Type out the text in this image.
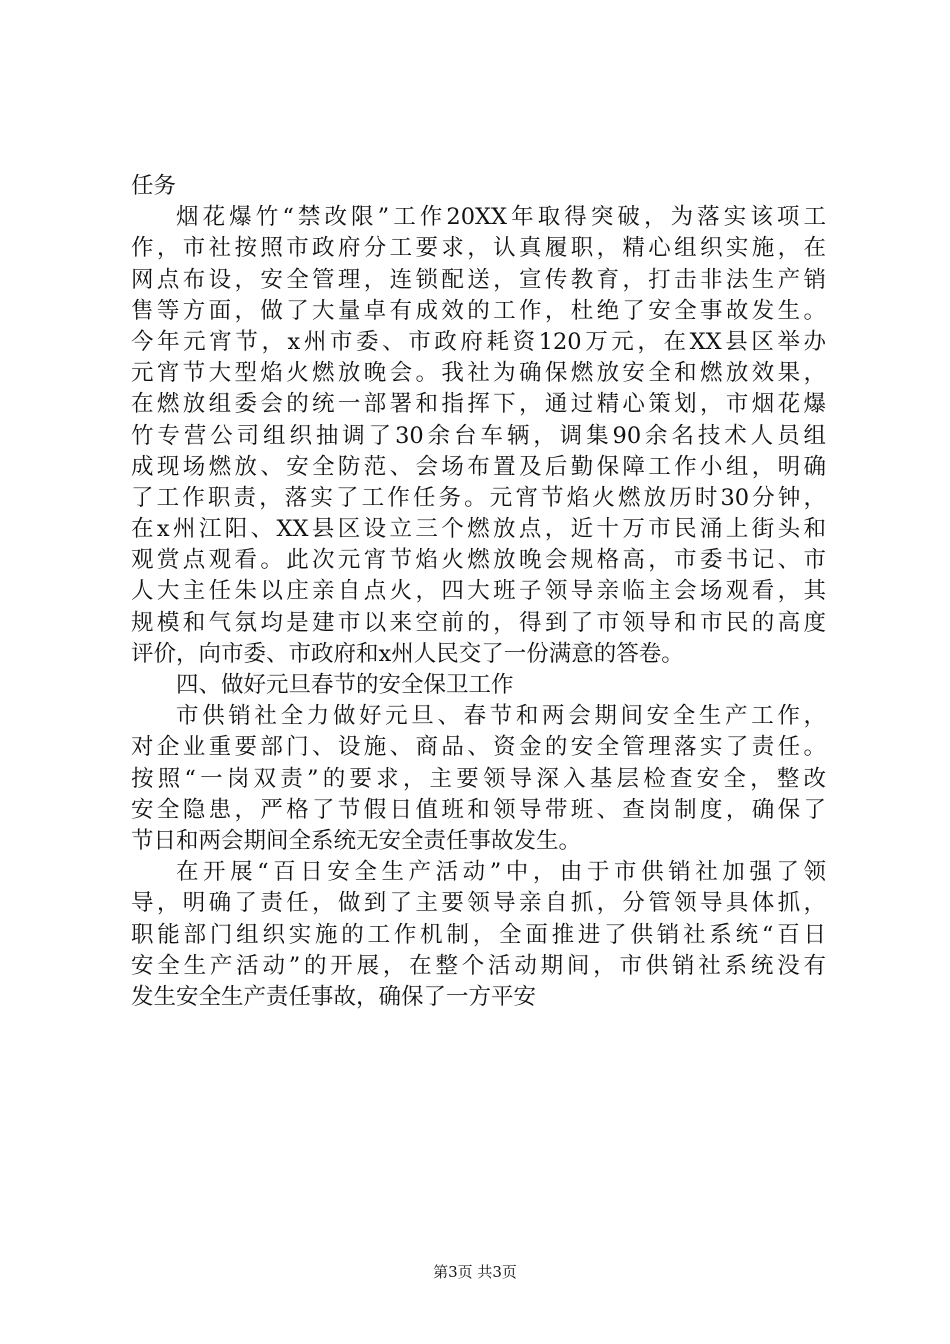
任务

烟花爆竹“禁改限”工作20XX年取得突破，为落实该项工

作，市社按照市政府分工要求，认真履职，精心组织实施，在

网点布设，安全管理，连锁配送，宣传教育，打击非法生产销

售等方面，做了大量卓有成效的工作，杜绝了安全事故发生。

今年元宵节，x州市委、市政府耗资120万元，在XX县区举办

元宵节大型焰火燃放晚会。我社为确保燃放安全和燃放效果，

在燃放组委会的统一部署和指挥下，通过精心策划，市烟花爆

竹专营公司组织抽调了30余台车辆，调集90余名技术人员组

成现场燃放、安全防范、会场布置及后勤保障工作小组，明确

了工作职责，落实了工作任务。元宵节焰火燃放历时30分钟，

在x州江阳、XX县区设立三个燃放点，近十万市民涌上街头和

观赏点观看。此次元宵节焰火燃放晚会规格高，市委书记、市

人大主任朱以庄亲自点火，四大班子领导亲临主会场观看，其

规模和气氛均是建市以来空前的，得到了市领导和市民的高度

评价，向市委、市政府和x州人民交了一份满意的答卷。

四、做好元旦春节的安全保卫工作

市供销社全力做好元旦、春节和两会期间安全生产工作，

对企业重要部门、设施、商品、资金的安全管理落实了责任。

按照“一岗双责”的要求，主要领导深入基层检查安全，整改

安全隐患，严格了节假日值班和领导带班、查岗制度，确保了

节日和两会期间全系统无安全责任事故发生。

在开展“百日安全生产活动”中，由于市供销社加强了领

导，明确了责任，做到了主要领导亲自抓，分管领导具体抓，

职能部门组织实施的工作机制，全面推进了供销社系统“百日

安全生产活动”的开展，在整个活动期间，市供销社系统没有

发生安全生产责任事故，确保了一方平安

第3页 共3页
